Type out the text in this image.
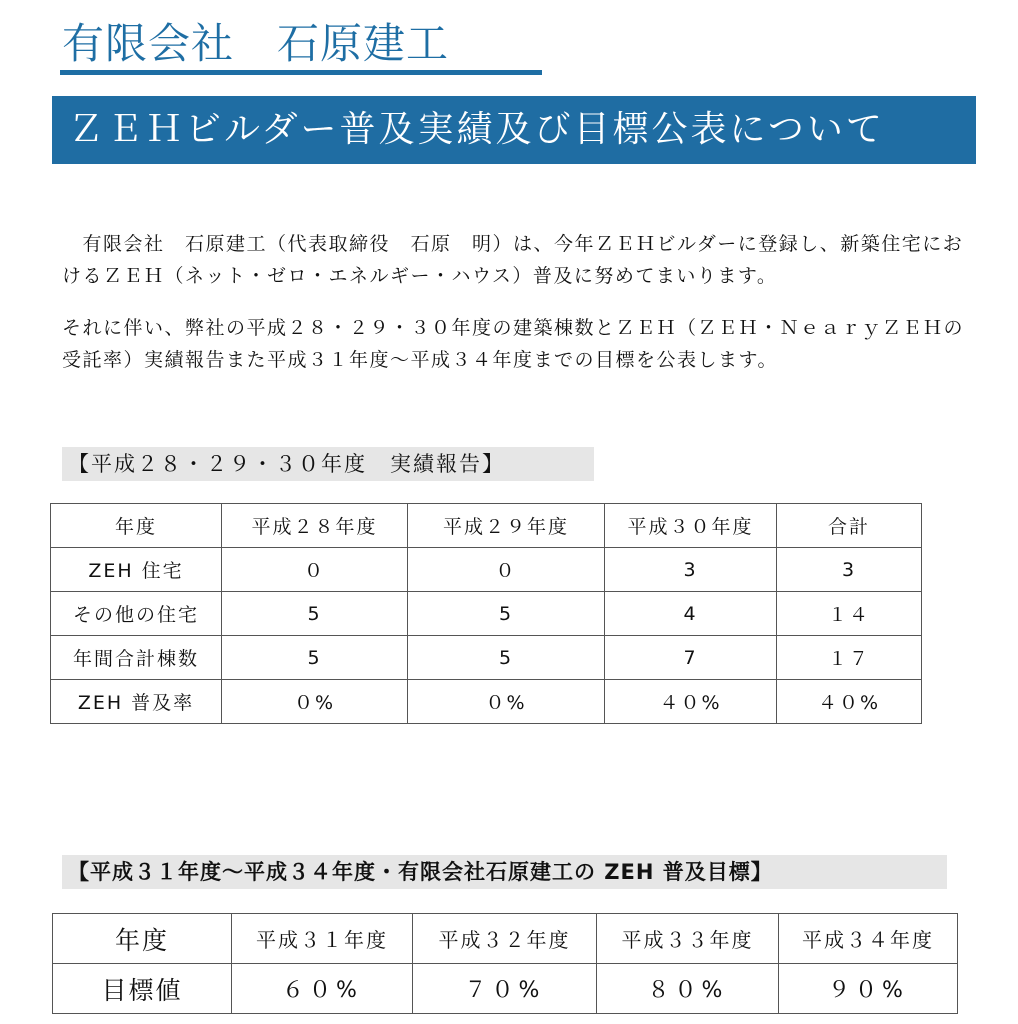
有限会社　石原建工
ＺＥＨビルダー普及実績及び目標公表について
　有限会社　石原建工（代表取締役　石原　明）は、今年ＺＥＨビルダーに登録し、新築住宅におけるＺＥＨ（ネット・ゼロ・エネルギー・ハウス）普及に努めてまいります。
それに伴い、弊社の平成２８・２９・３０年度の建築棟数とＺＥＨ（ＺＥＨ・ＮｅａｒｙＺＥＨの受託率）実績報告また平成３１年度～平成３４年度までの目標を公表します。
【平成２８・２９・３０年度　実績報告】
年度	平成２８年度	平成２９年度	平成３０年度	合計
ZEH 住宅	０	０	3	3
その他の住宅	5	5	4	１４
年間合計棟数	5	5	7	１７
ZEH 普及率	０%	０%	４０%	４０%
【平成３１年度～平成３４年度・有限会社石原建工の ZEH 普及目標】
年度	平成３１年度	平成３２年度	平成３３年度	平成３４年度
目標値	６０%	７０%	８０%	９０%
